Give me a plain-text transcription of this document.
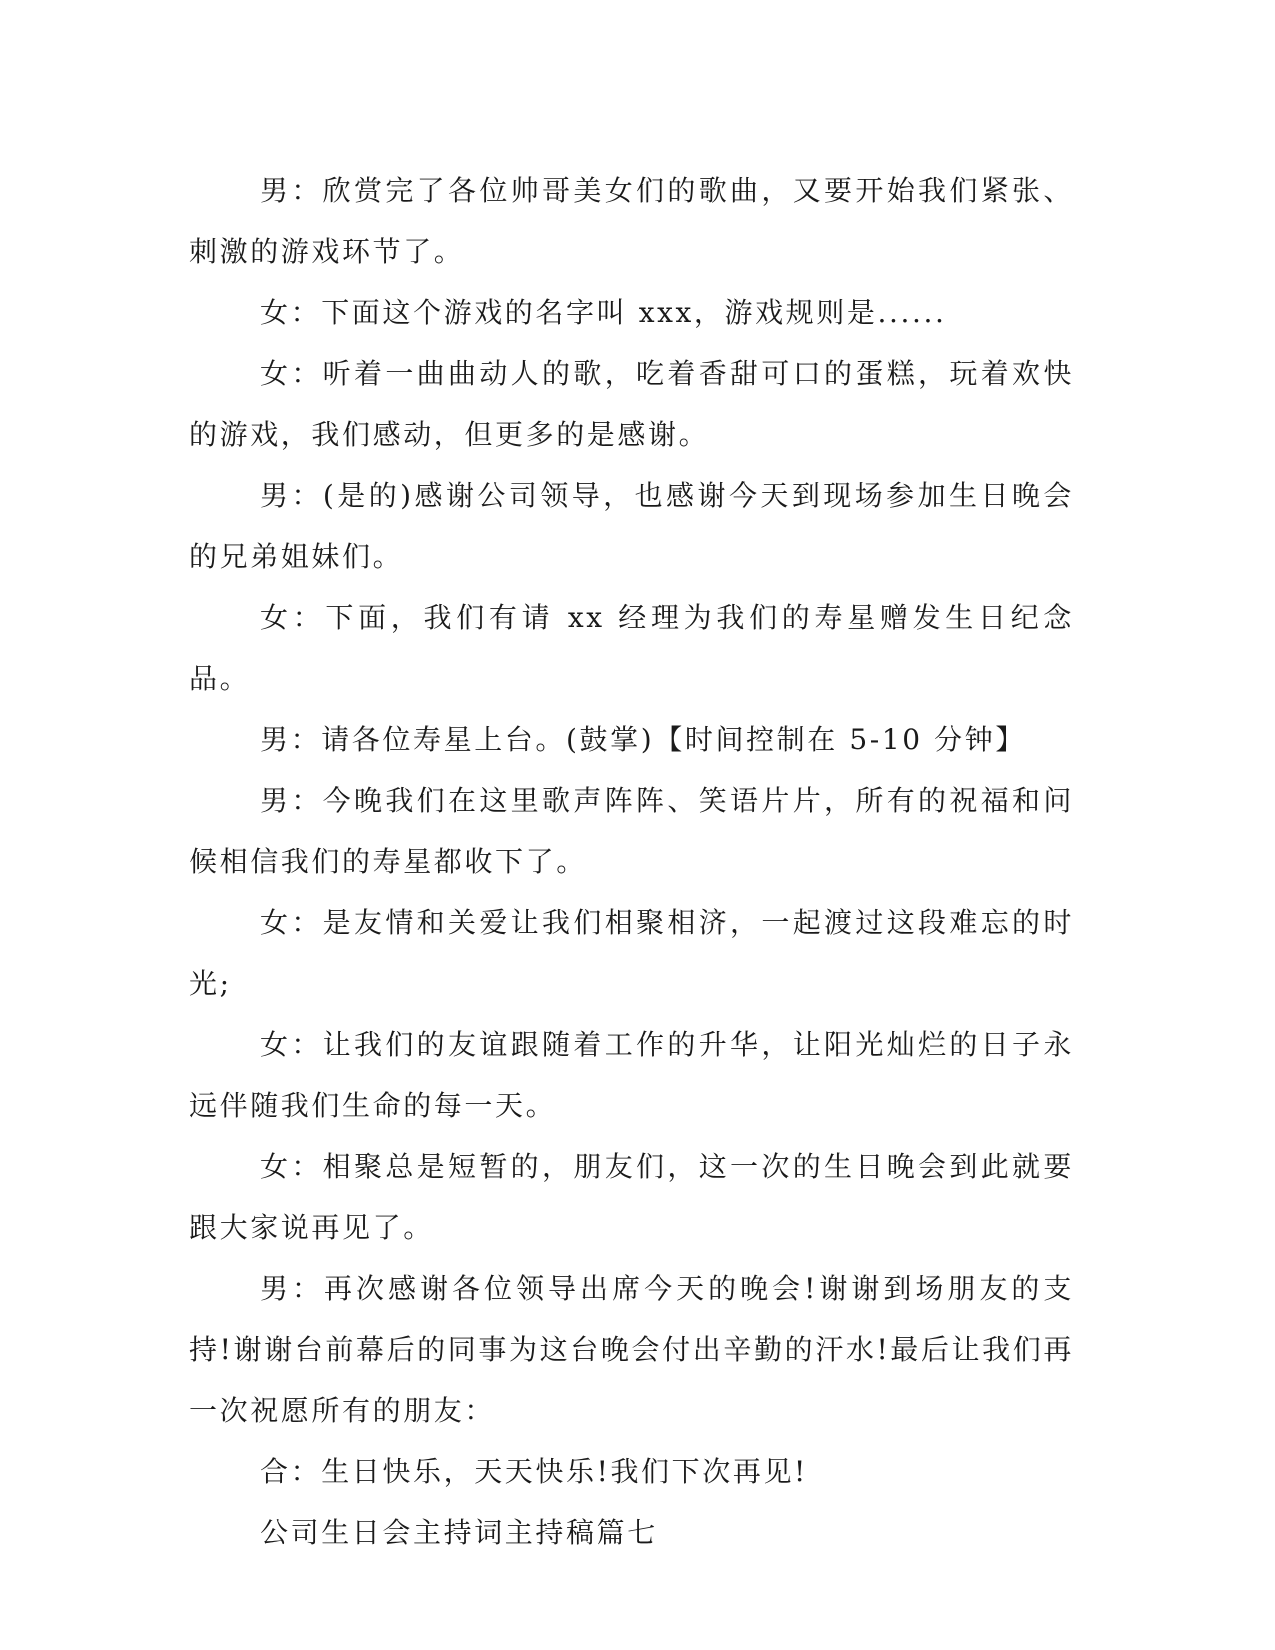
男：欣赏完了各位帅哥美女们的歌曲，又要开始我们紧张、刺激的游戏环节了。

女：下面这个游戏的名字叫 xxx，游戏规则是......

女：听着一曲曲动人的歌，吃着香甜可口的蛋糕，玩着欢快的游戏，我们感动，但更多的是感谢。

男：(是的)感谢公司领导，也感谢今天到现场参加生日晚会的兄弟姐妹们。

女：下面，我们有请 xx 经理为我们的寿星赠发生日纪念品。

男：请各位寿星上台。(鼓掌)【时间控制在 5-10 分钟】

男：今晚我们在这里歌声阵阵、笑语片片，所有的祝福和问候相信我们的寿星都收下了。

女：是友情和关爱让我们相聚相济，一起渡过这段难忘的时光;

女：让我们的友谊跟随着工作的升华，让阳光灿烂的日子永远伴随我们生命的每一天。

女：相聚总是短暂的，朋友们，这一次的生日晚会到此就要跟大家说再见了。

男：再次感谢各位领导出席今天的晚会!谢谢到场朋友的支持!谢谢台前幕后的同事为这台晚会付出辛勤的汗水!最后让我们再一次祝愿所有的朋友：

合：生日快乐，天天快乐!我们下次再见!

公司生日会主持词主持稿篇七
